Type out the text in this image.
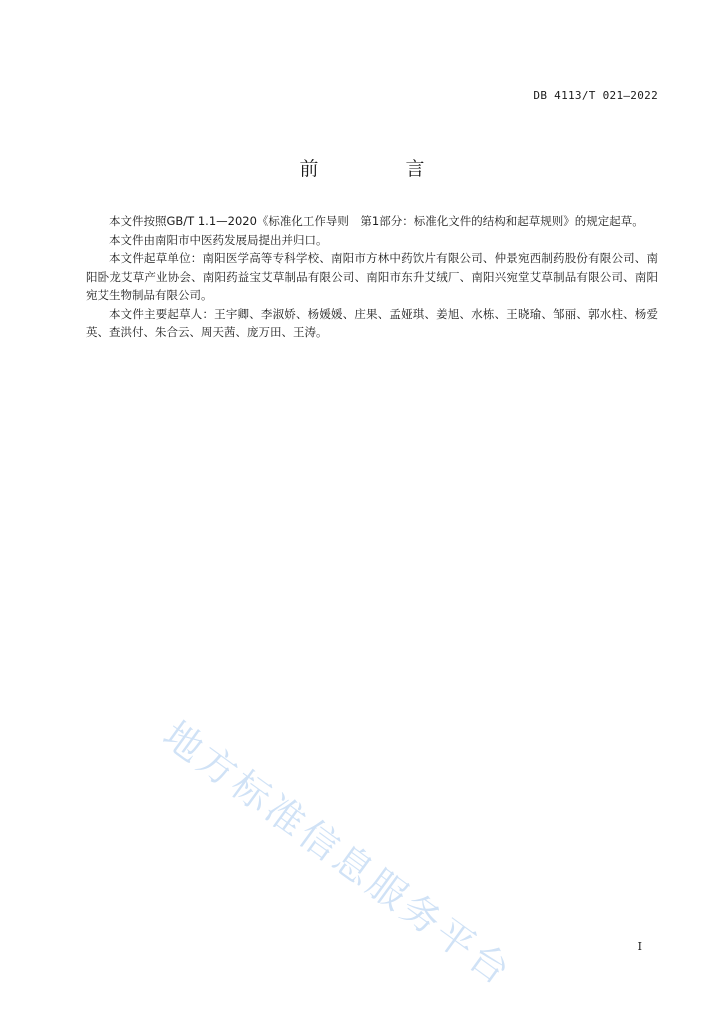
DB 4113/T 021—2022
前　言

本文件按照GB/T 1.1—2020《标准化工作导则　第1部分：标准化文件的结构和起草规则》的规定起草。

本文件由南阳市中医药发展局提出并归口。

本文件起草单位：南阳医学高等专科学校、南阳市方林中药饮片有限公司、仲景宛西制药股份有限公司、南阳卧龙艾草产业协会、南阳药益宝艾草制品有限公司、南阳市东升艾绒厂、南阳兴宛堂艾草制品有限公司、南阳宛艾生物制品有限公司。

本文件主要起草人：王宇卿、李淑娇、杨媛媛、庄果、孟娅琪、姜旭、水栋、王晓瑜、邹丽、郭水柱、杨爱英、查洪付、朱合云、周天茜、庞万田、王涛。

地方标准信息服务平台	I
